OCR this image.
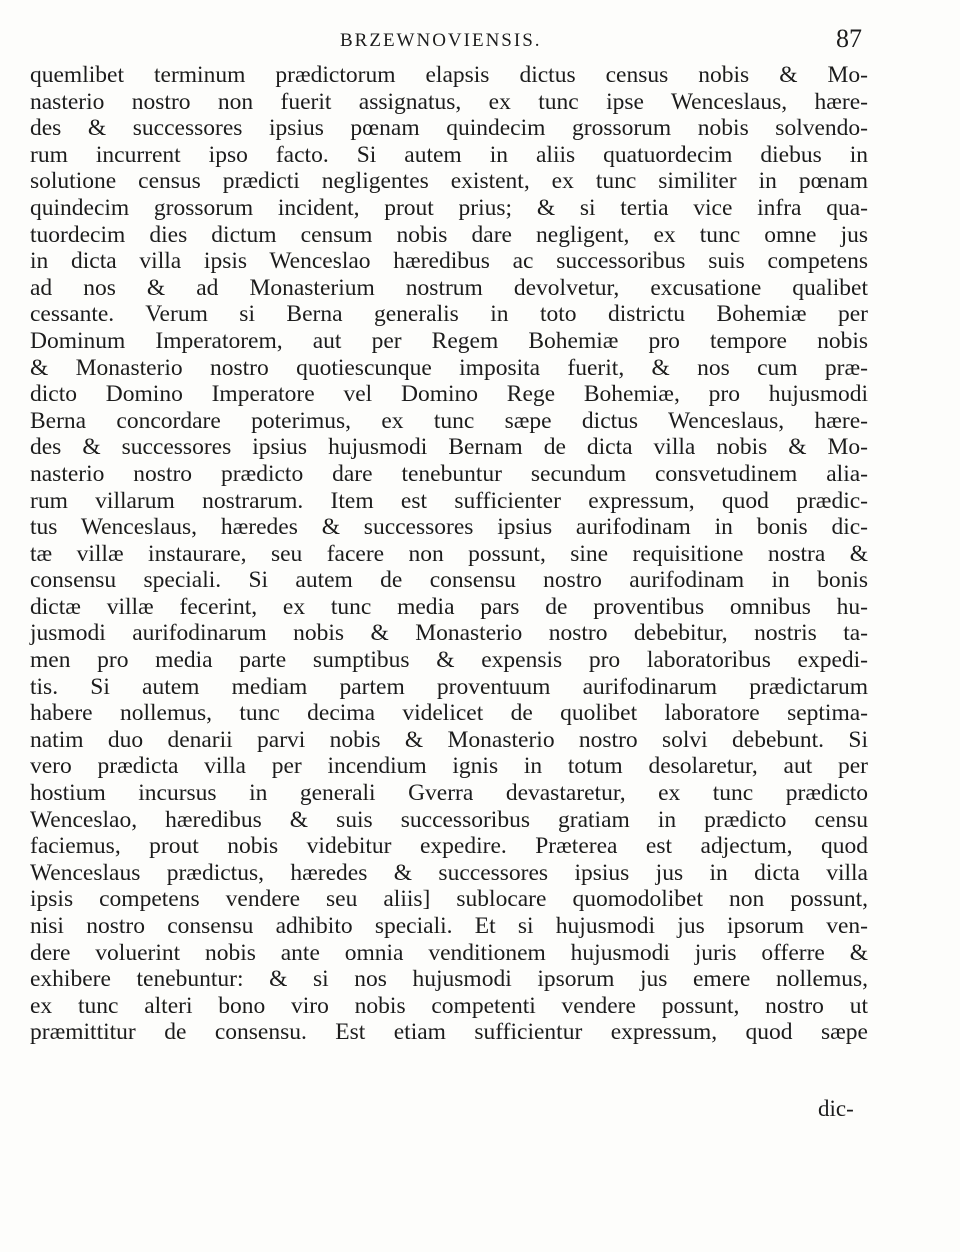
BRZEWNOVIENSIS.	87
quemlibet terminum prædictorum elapsis dictus census nobis & Mo-
nasterio nostro non fuerit assignatus, ex tunc ipse Wenceslaus, hære-
des & successores ipsius pœnam quindecim grossorum nobis solvendo-
rum incurrent ipso facto. Si autem in aliis quatuordecim diebus in
solutione census prædicti negligentes existent, ex tunc similiter in pœnam
quindecim grossorum incident, prout prius; & si tertia vice infra qua-
tuordecim dies dictum censum nobis dare negligent, ex tunc omne jus
in dicta villa ipsis Wenceslao hæredibus ac successoribus suis competens
ad nos & ad Monasterium nostrum devolvetur, excusatione qualibet
cessante. Verum si Berna generalis in toto districtu Bohemiæ per
Dominum Imperatorem, aut per Regem Bohemiæ pro tempore nobis
& Monasterio nostro quotiescunque imposita fuerit, & nos cum præ-
dicto Domino Imperatore vel Domino Rege Bohemiæ, pro hujusmodi
Berna concordare poterimus, ex tunc sæpe dictus Wenceslaus, hære-
des & successores ipsius hujusmodi Bernam de dicta villa nobis & Mo-
nasterio nostro prædicto dare tenebuntur secundum consvetudinem alia-
rum villarum nostrarum. Item est sufficienter expressum, quod prædic-
tus Wenceslaus, hæredes & successores ipsius aurifodinam in bonis dic-
tæ villæ instaurare, seu facere non possunt, sine requisitione nostra &
consensu speciali. Si autem de consensu nostro aurifodinam in bonis
dictæ villæ fecerint, ex tunc media pars de proventibus omnibus hu-
jusmodi aurifodinarum nobis & Monasterio nostro debebitur, nostris ta-
men pro media parte sumptibus & expensis pro laboratoribus expedi-
tis. Si autem mediam partem proventuum aurifodinarum prædictarum
habere nollemus, tunc decima videlicet de quolibet laboratore septima-
natim duo denarii parvi nobis & Monasterio nostro solvi debebunt. Si
vero prædicta villa per incendium ignis in totum desolaretur, aut per
hostium incursus in generali Gverra devastaretur, ex tunc prædicto
Wenceslao, hæredibus & suis successoribus gratiam in prædicto censu
faciemus, prout nobis videbitur expedire. Præterea est adjectum, quod
Wenceslaus prædictus, hæredes & successores ipsius jus in dicta villa
ipsis competens vendere seu aliis] sublocare quomodolibet non possunt,
nisi nostro consensu adhibito speciali. Et si hujusmodi jus ipsorum ven-
dere voluerint nobis ante omnia venditionem hujusmodi juris offerre &
exhibere tenebuntur: & si nos hujusmodi ipsorum jus emere nollemus,
ex tunc alteri bono viro nobis competenti vendere possunt, nostro ut
præmittitur de consensu. Est etiam sufficientur expressum, quod sæpe
dic-
